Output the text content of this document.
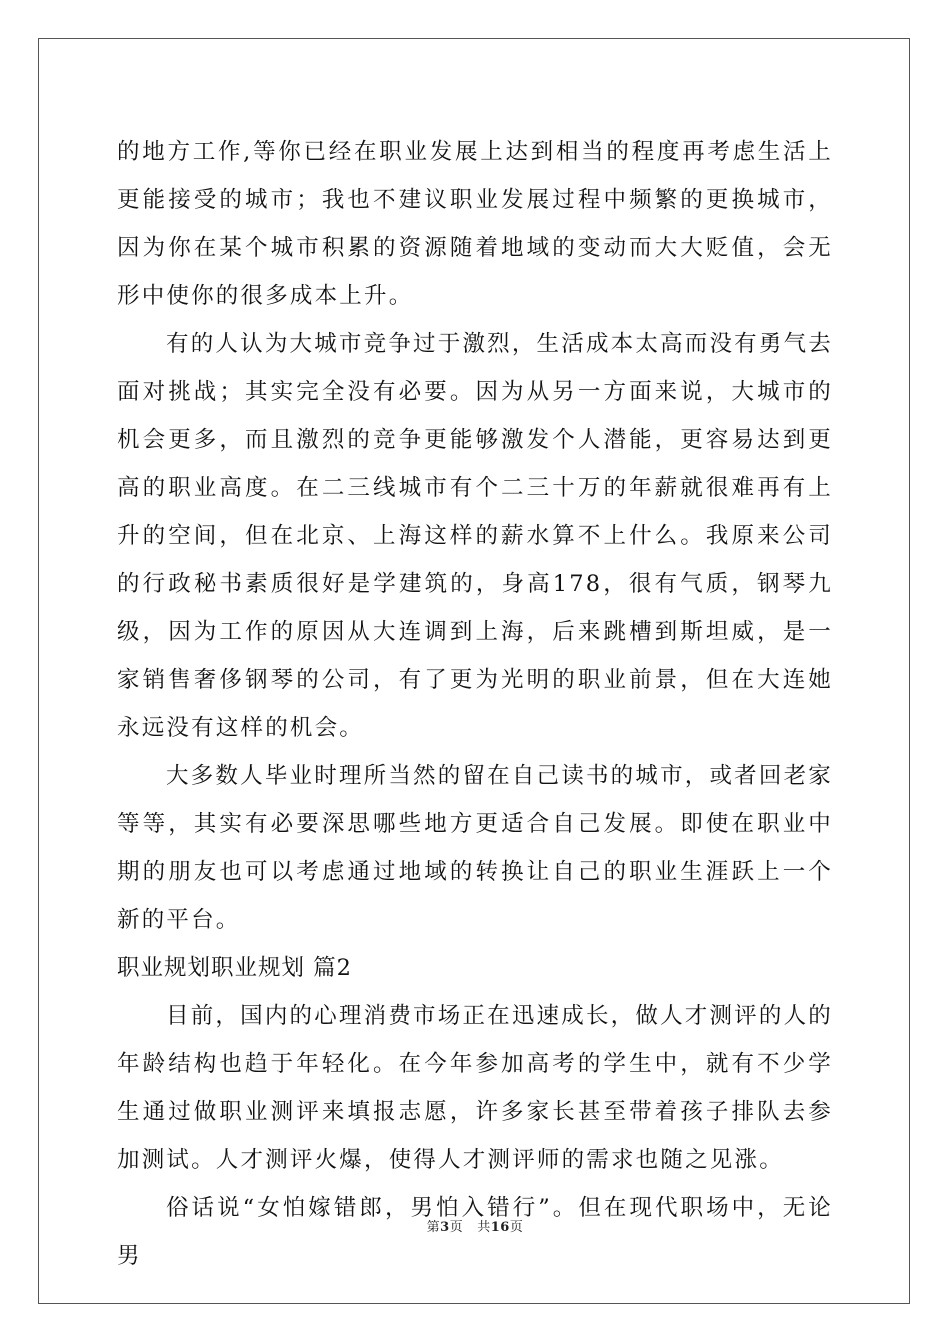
的地方工作,等你已经在职业发展上达到相当的程度再考虑生活上更能接受的城市；我也不建议职业发展过程中频繁的更换城市，因为你在某个城市积累的资源随着地域的变动而大大贬值，会无形中使你的很多成本上升。

有的人认为大城市竞争过于激烈，生活成本太高而没有勇气去面对挑战；其实完全没有必要。因为从另一方面来说，大城市的机会更多，而且激烈的竞争更能够激发个人潜能，更容易达到更高的职业高度。在二三线城市有个二三十万的年薪就很难再有上升的空间，但在北京、上海这样的薪水算不上什么。我原来公司的行政秘书素质很好是学建筑的，身高178，很有气质，钢琴九级，因为工作的原因从大连调到上海，后来跳槽到斯坦威，是一家销售奢侈钢琴的公司，有了更为光明的职业前景，但在大连她永远没有这样的机会。

大多数人毕业时理所当然的留在自己读书的城市，或者回老家等等，其实有必要深思哪些地方更适合自己发展。即使在职业中期的朋友也可以考虑通过地域的转换让自己的职业生涯跃上一个新的平台。

职业规划职业规划 篇2

目前，国内的心理消费市场正在迅速成长，做人才测评的人的年龄结构也趋于年轻化。在今年参加高考的学生中，就有不少学生通过做职业测评来填报志愿，许多家长甚至带着孩子排队去参加测试。人才测评火爆，使得人才测评师的需求也随之见涨。

俗话说“女怕嫁错郎，男怕入错行”。但在现代职场中，无论男

第3页 共16页
